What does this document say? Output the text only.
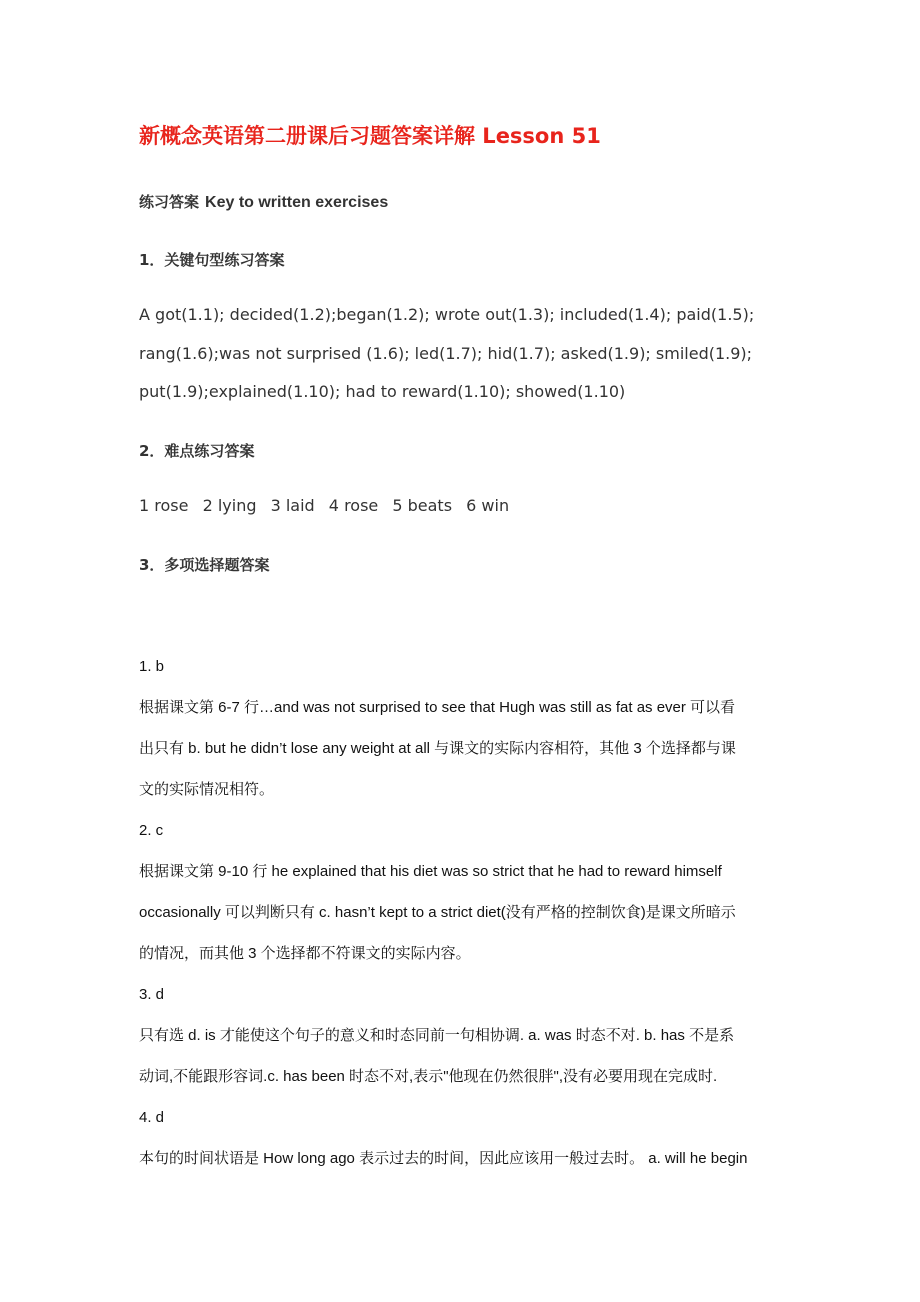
新概念英语第二册课后习题答案详解 Lesson 51

练习答案 Key to written exercises

1．关键句型练习答案

A got(1.1); decided(1.2);began(1.2); wrote out(1.3); included(1.4); paid(1.5);

rang(1.6);was not surprised (1.6); led(1.7); hid(1.7); asked(1.9); smiled(1.9);

put(1.9);explained(1.10); had to reward(1.10); showed(1.10)

2．难点练习答案

1 rose 2 lying 3 laid 4 rose 5 beats 6 win

3．多项选择题答案

1. b
根据课文第 6-7 行…and was not surprised to see that Hugh was still as fat as ever 可以看
出只有 b. but he didn’t lose any weight at all 与课文的实际内容相符，其他 3 个选择都与课
文的实际情况相符。
2. c
根据课文第 9-10 行 he explained that his diet was so strict that he had to reward himself
occasionally 可以判断只有 c. hasn’t kept to a strict diet(没有严格的控制饮食)是课文所暗示
的情况，而其他 3 个选择都不符课文的实际内容。
3. d
只有选 d. is 才能使这个句子的意义和时态同前一句相协调. a. was 时态不对. b. has 不是系
动词,不能跟形容词.c. has been 时态不对,表示"他现在仍然很胖",没有必要用现在完成时.
4. d
本句的时间状语是 How long ago 表示过去的时间，因此应该用一般过去时。 a. will he begin
